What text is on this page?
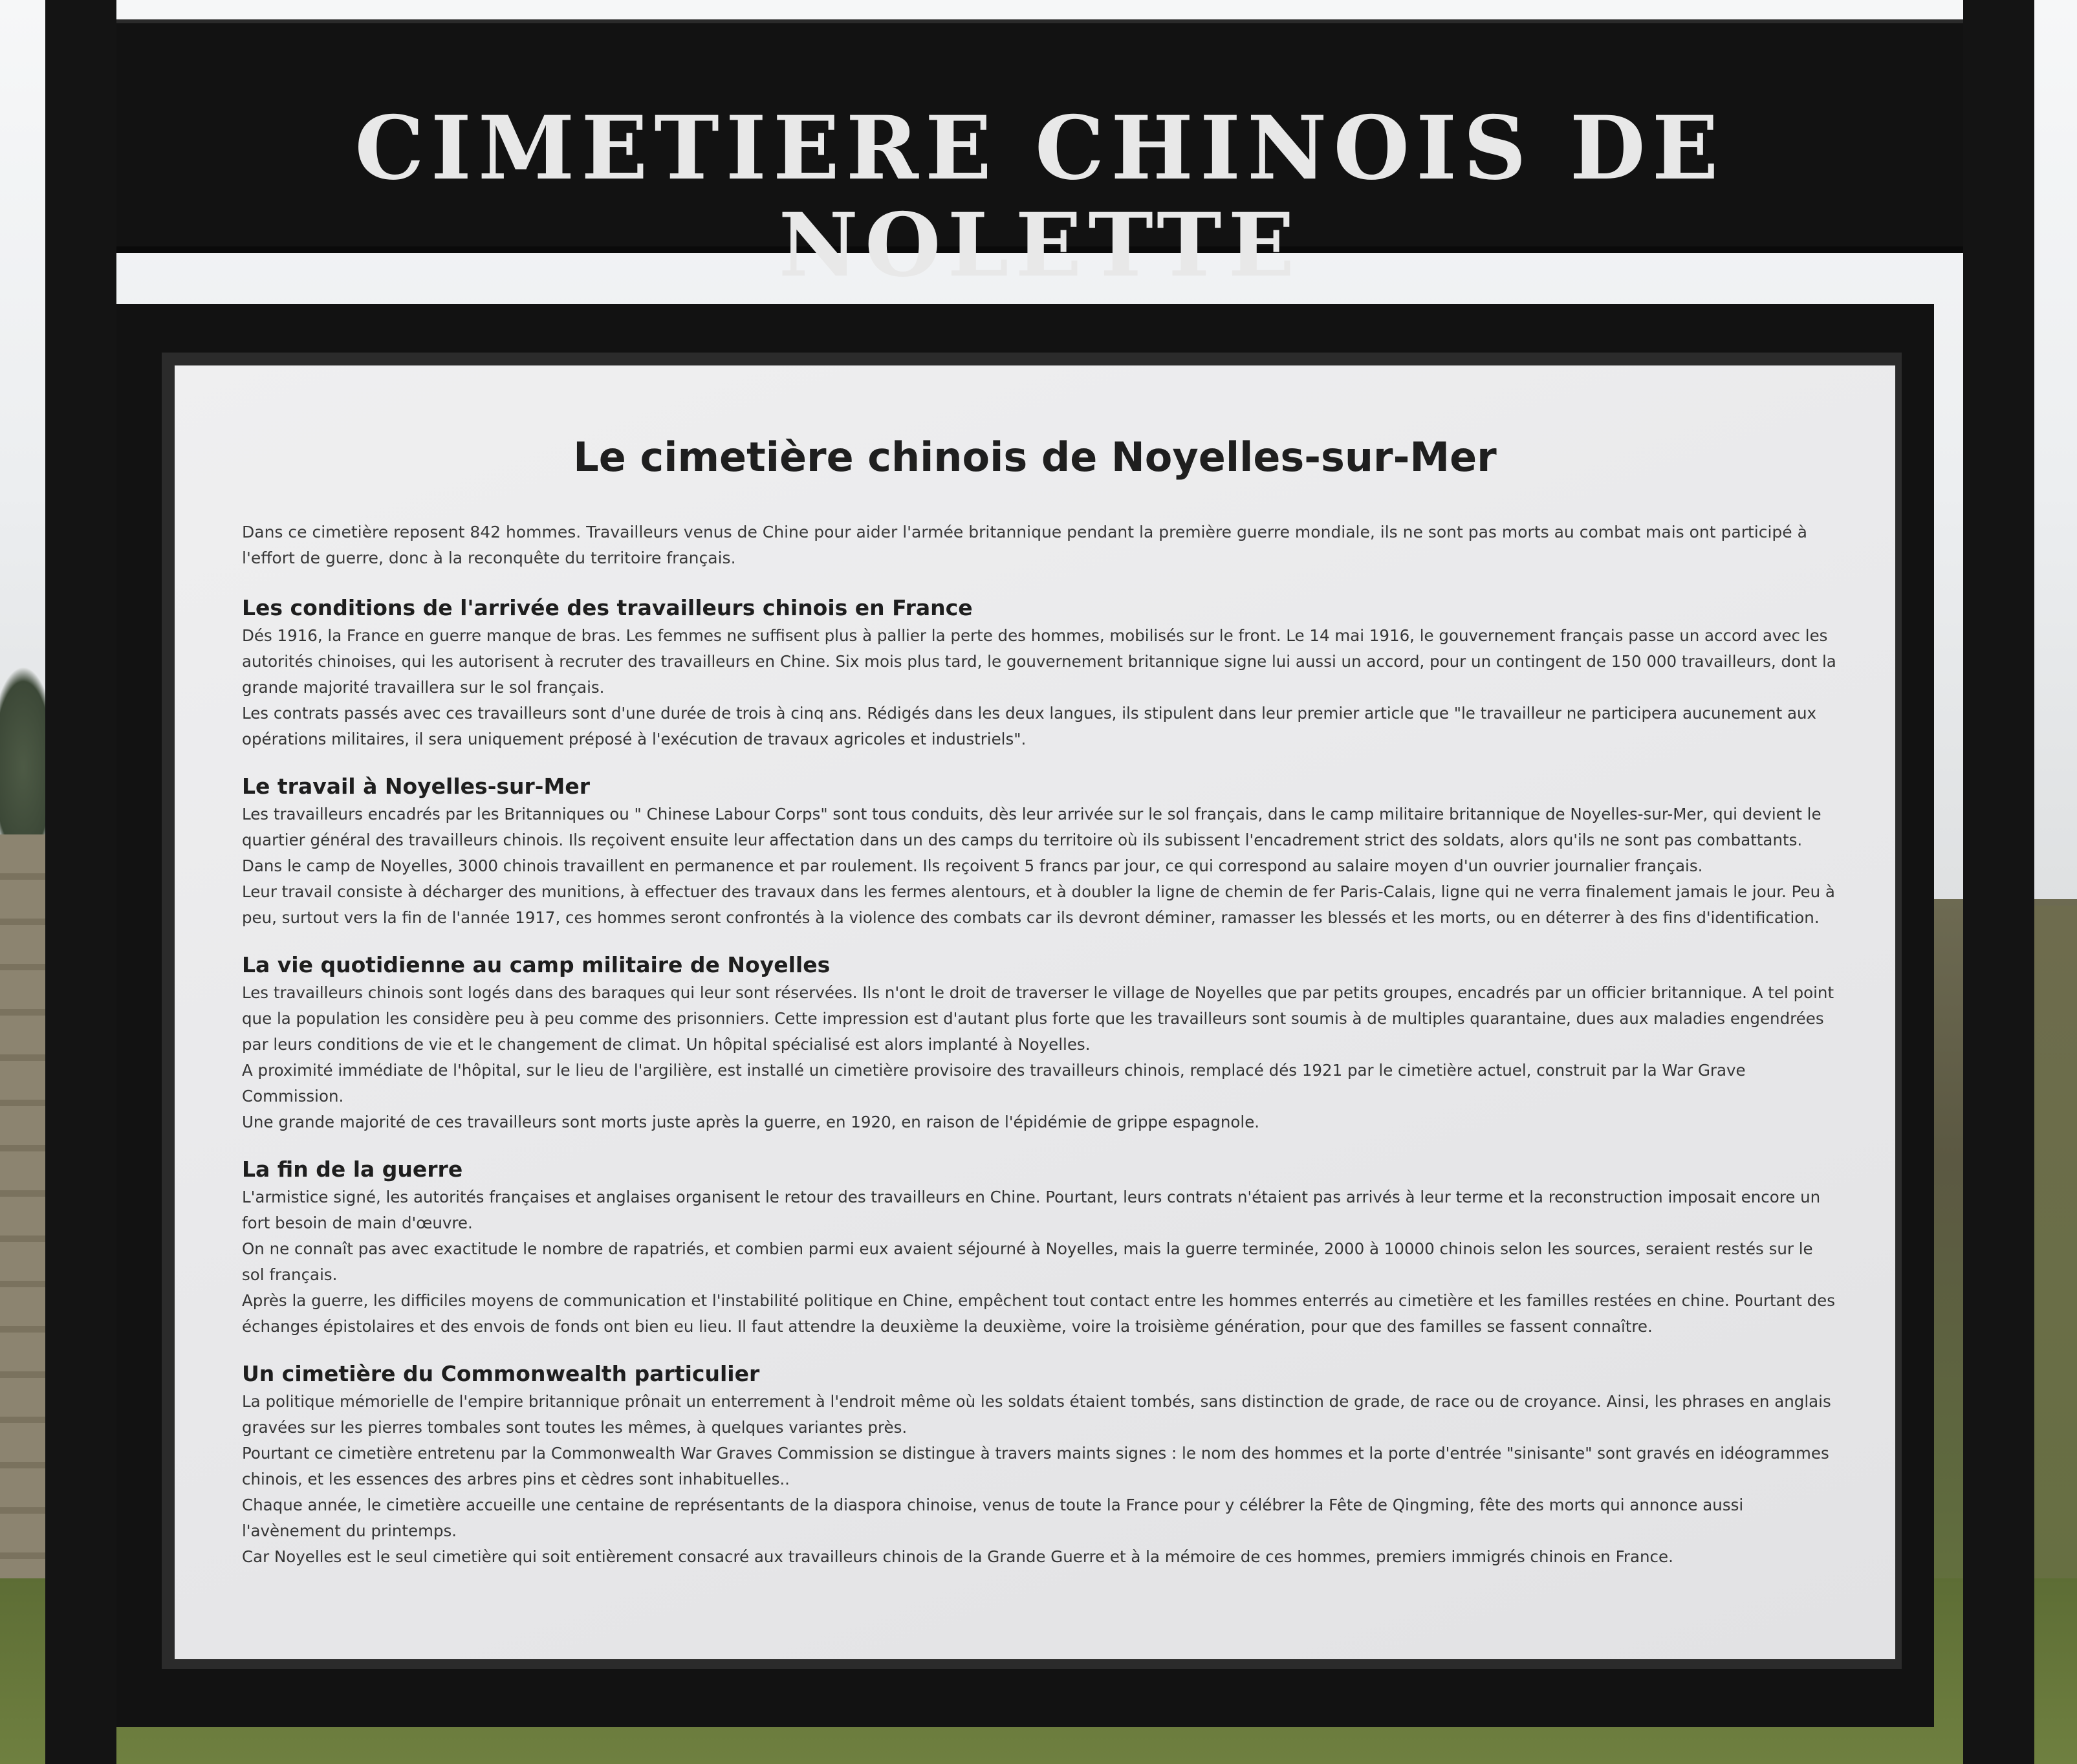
CIMETIERE CHINOIS DE NOLETTE
Le cimetière chinois de Noyelles-sur-Mer

Dans ce cimetière reposent 842 hommes. Travailleurs venus de Chine pour aider l'armée britannique pendant la première guerre mondiale, ils ne sont pas morts au combat mais ont participé à l'effort de guerre, donc à la reconquête du territoire français.

Les conditions de l'arrivée des travailleurs chinois en France

Dés 1916, la France en guerre manque de bras. Les femmes ne suffisent plus à pallier la perte des hommes, mobilisés sur le front. Le 14 mai 1916, le gouvernement français passe un accord avec les autorités chinoises, qui les autorisent à recruter des travailleurs en Chine. Six mois plus tard, le gouvernement britannique signe lui aussi un accord, pour un contingent de 150 000 travailleurs, dont la grande majorité travaillera sur le sol français.

Les contrats passés avec ces travailleurs sont d'une durée de trois à cinq ans. Rédigés dans les deux langues, ils stipulent dans leur premier article que "le travailleur ne participera aucunement aux opérations militaires, il sera uniquement préposé à l'exécution de travaux agricoles et industriels".

Le travail à Noyelles-sur-Mer

Les travailleurs encadrés par les Britanniques ou " Chinese Labour Corps" sont tous conduits, dès leur arrivée sur le sol français, dans le camp militaire britannique de Noyelles-sur-Mer, qui devient le quartier général des travailleurs chinois. Ils reçoivent ensuite leur affectation dans un des camps du territoire où ils subissent l'encadrement strict des soldats, alors qu'ils ne sont pas combattants.

Dans le camp de Noyelles, 3000 chinois travaillent en permanence et par roulement. Ils reçoivent 5 francs par jour, ce qui correspond au salaire moyen d'un ouvrier journalier français.

Leur travail consiste à décharger des munitions, à effectuer des travaux dans les fermes alentours, et à doubler la ligne de chemin de fer Paris-Calais, ligne qui ne verra finalement jamais le jour. Peu à peu, surtout vers la fin de l'année 1917, ces hommes seront confrontés à la violence des combats car ils devront déminer, ramasser les blessés et les morts, ou en déterrer à des fins d'identification.

La vie quotidienne au camp militaire de Noyelles

Les travailleurs chinois sont logés dans des baraques qui leur sont réservées. Ils n'ont le droit de traverser le village de Noyelles que par petits groupes, encadrés par un officier britannique. A tel point que la population les considère peu à peu comme des prisonniers. Cette impression est d'autant plus forte que les travailleurs sont soumis à de multiples quarantaine, dues aux maladies engendrées par leurs conditions de vie et le changement de climat. Un hôpital spécialisé est alors implanté à Noyelles.

A proximité immédiate de l'hôpital, sur le lieu de l'argilière, est installé un cimetière provisoire des travailleurs chinois, remplacé dés 1921 par le cimetière actuel, construit par la War Grave Commission.

Une grande majorité de ces travailleurs sont morts juste après la guerre, en 1920, en raison de l'épidémie de grippe espagnole.

La fin de la guerre

L'armistice signé, les autorités françaises et anglaises organisent le retour des travailleurs en Chine. Pourtant, leurs contrats n'étaient pas arrivés à leur terme et la reconstruction imposait encore un fort besoin de main d'œuvre.

On ne connaît pas avec exactitude le nombre de rapatriés, et combien parmi eux avaient séjourné à Noyelles, mais la guerre terminée, 2000 à 10000 chinois selon les sources, seraient restés sur le sol français.

Après la guerre, les difficiles moyens de communication et l'instabilité politique en Chine, empêchent tout contact entre les hommes enterrés au cimetière et les familles restées en chine. Pourtant des échanges épistolaires et des envois de fonds ont bien eu lieu. Il faut attendre la deuxième la deuxième, voire la troisième génération, pour que des familles se fassent connaître.

Un cimetière du Commonwealth particulier

La politique mémorielle de l'empire britannique prônait un enterrement à l'endroit même où les soldats étaient tombés, sans distinction de grade, de race ou de croyance. Ainsi, les phrases en anglais gravées sur les pierres tombales sont toutes les mêmes, à quelques variantes près.

Pourtant ce cimetière entretenu par la Commonwealth War Graves Commission se distingue à travers maints signes : le nom des hommes et la porte d'entrée "sinisante" sont gravés en idéogrammes chinois, et les essences des arbres pins et cèdres sont inhabituelles..

Chaque année, le cimetière accueille une centaine de représentants de la diaspora chinoise, venus de toute la France pour y célébrer la Fête de Qingming, fête des morts qui annonce aussi l'avènement du printemps.

Car Noyelles est le seul cimetière qui soit entièrement consacré aux travailleurs chinois de la Grande Guerre et à la mémoire de ces hommes, premiers immigrés chinois en France.
